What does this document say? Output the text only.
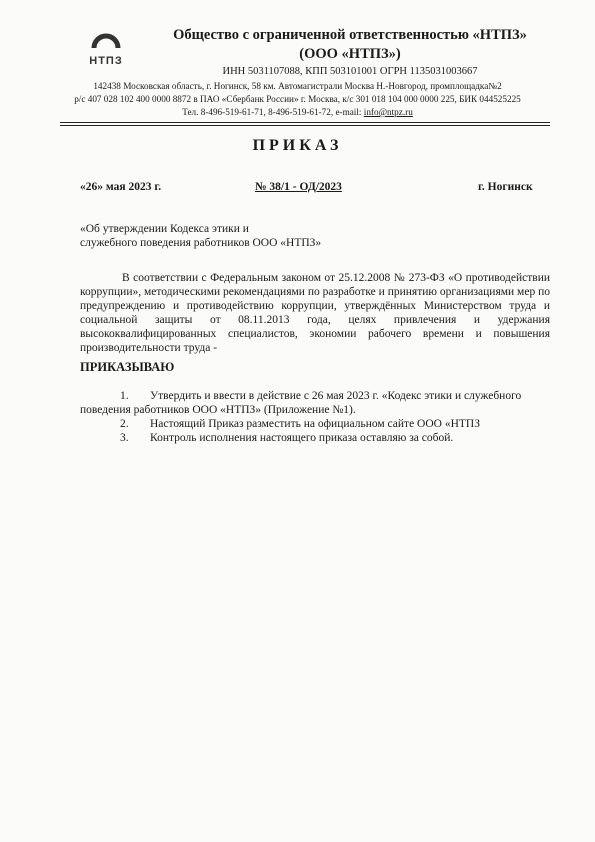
НТПЗ
Общество с ограниченной ответственностью «НТПЗ»
(ООО «НТПЗ»)
ИНН 5031107088, КПП 503101001 ОГРН 1135031003667
142438 Московская область, г. Ногинск, 58 км. Автомагистрали Москва Н.-Новгород, промплощадка№2
р/с 407 028 102 400 0000 8872 в ПАО «Сбербанк России» г. Москва, к/с 301 018 104 000 0000 225, БИК 044525225
Тел. 8-496-519-61-71, 8-496-519-61-72, e-mail: info@ntpz.ru
ПРИКАЗ
«26» мая 2023 г.	№ 38/1 - ОД/2023	г. Ногинск
«Об утверждении Кодекса этики и
служебного поведения работников ООО «НТПЗ»

В соответствии с Федеральным законом от 25.12.2008 № 273-ФЗ «О противодействии коррупции», методическими рекомендациями по разработке и принятию организациями мер по предупреждению и противодействию коррупции, утверждённых Министерством труда и социальной защиты от 08.11.2013 года, целях привлечения и удержания высококвалифицированных специалистов, экономии рабочего времени и повышения производительности труда -

ПРИКАЗЫВАЮ
1.	Утвердить и ввести в действие с 26 мая 2023 г. «Кодекс этики и служебного
поведения работников ООО «НТПЗ» (Приложение №1).
2.	Настоящий Приказ разместить на официальном сайте ООО «НТПЗ
3.	Контроль исполнения настоящего приказа оставляю за собой.
